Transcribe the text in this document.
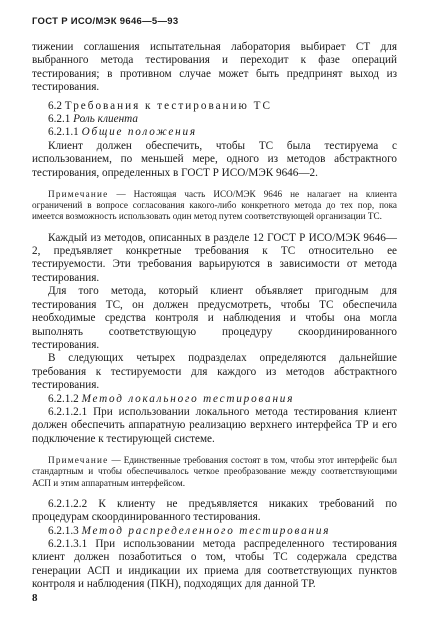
ГОСТ Р ИСО/МЭК 9646—5—93

тижении соглашения испытательная лаборатория выбирает СТ для выбранного метода тестирования и переходит к фазе операций тестирования; в противном случае может быть предпринят выход из тестирования.

6.2 Требования к тестированию ТС
6.2.1 Роль клиента
6.2.1.1 Общие положения

Клиент должен обеспечить, чтобы ТС была тестируема с использованием, по меньшей мере, одного из методов абстрактного тестирования, определенных в ГОСТ Р ИСО/МЭК 9646—2.

Примечание — Настоящая часть ИСО/МЭК 9646 не налагает на клиента ограничений в вопросе согласования какого-либо конкретного метода до тех пор, пока имеется возможность использовать один метод путем соответствующей организации ТС.

Каждый из методов, описанных в разделе 12 ГОСТ Р ИСО/МЭК 9646—2, предъявляет конкретные требования к ТС относительно ее тестируемости. Эти требования варьируются в зависимости от метода тестирования.

Для того метода, который клиент объявляет пригодным для тестирования ТС, он должен предусмотреть, чтобы ТС обеспечила необходимые средства контроля и наблюдения и чтобы она могла выполнять соответствующую процедуру скоординированного тестирования.

В следующих четырех подразделах определяются дальнейшие требования к тестируемости для каждого из методов абстрактного тестирования.

6.2.1.2 Метод локального тестирования

6.2.1.2.1 При использовании локального метода тестирования клиент должен обеспечить аппаратную реализацию верхнего интерфейса ТР и его подключение к тестирующей системе.

Примечание — Единственные требования состоят в том, чтобы этот интерфейс был стандартным и чтобы обеспечивалось четкое преобразование между соответствующими АСП и этим аппаратным интерфейсом.

6.2.1.2.2 К клиенту не предъявляется никаких требований по процедурам скоординированного тестирования.

6.2.1.3 Метод распределенного тестирования

6.2.1.3.1 При использовании метода распределенного тестирования клиент должен позаботиться о том, чтобы ТС содержала средства генерации АСП и индикации их приема для соответствующих пунктов контроля и наблюдения (ПКН), подходящих для данной ТР.

8
